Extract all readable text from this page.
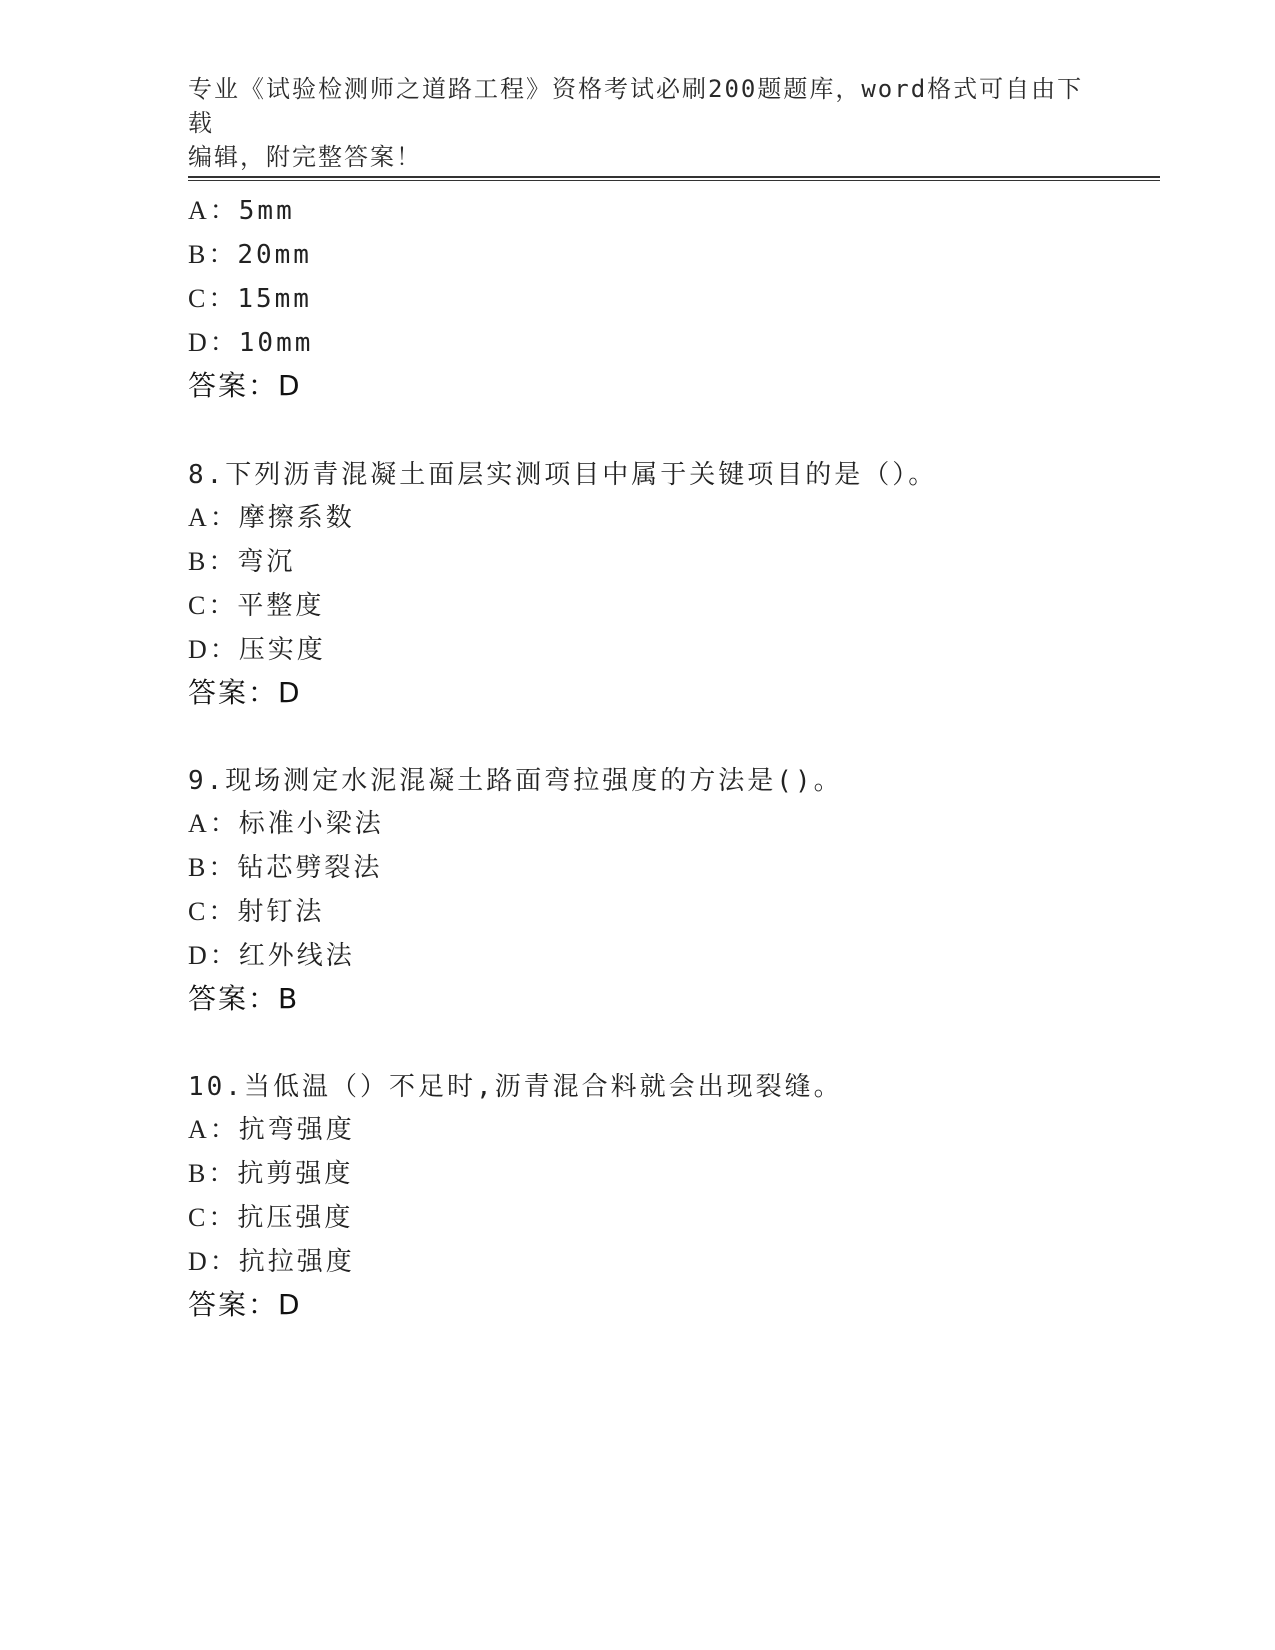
专业《试验检测师之道路工程》资格考试必刷200题题库，word格式可自由下载
编辑，附完整答案！
A：5mm
B：20mm
C：15mm
D：10mm
答案：D
8.下列沥青混凝土面层实测项目中属于关键项目的是（）。
A：摩擦系数
B：弯沉
C：平整度
D：压实度
答案：D
9.现场测定水泥混凝土路面弯拉强度的方法是()。
A：标准小梁法
B：钻芯劈裂法
C：射钉法
D：红外线法
答案：B
10.当低温（）不足时,沥青混合料就会出现裂缝。
A：抗弯强度
B：抗剪强度
C：抗压强度
D：抗拉强度
答案：D
